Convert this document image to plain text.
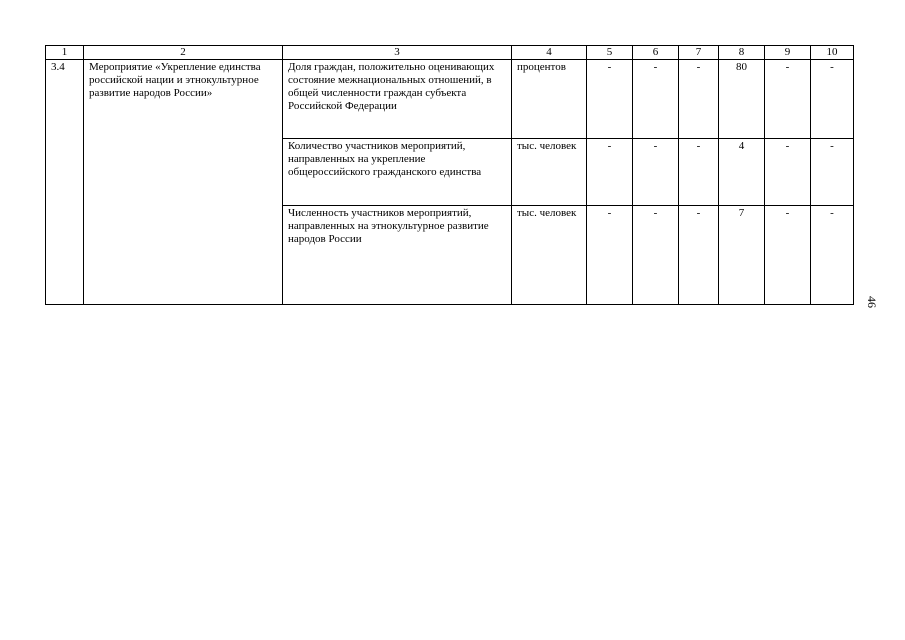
1	2	3	4	5	6	7	8	9	10
3.4	Мероприятие «Укрепление единства российской нации и этнокультурное развитие народов России»	Доля граждан, положительно оценивающих состояние межнациональных отношений, в общей численности граждан субъекта Российской Федерации	процентов	-	-	-	80	-	-
		Количество участников мероприятий, направленных на укрепление общероссийского гражданского единства	тыс. человек	-	-	-	4	-	-
		Численность участников мероприятий, направленных на этнокультурное развитие народов России	тыс. человек	-	-	-	7	-	-
46
